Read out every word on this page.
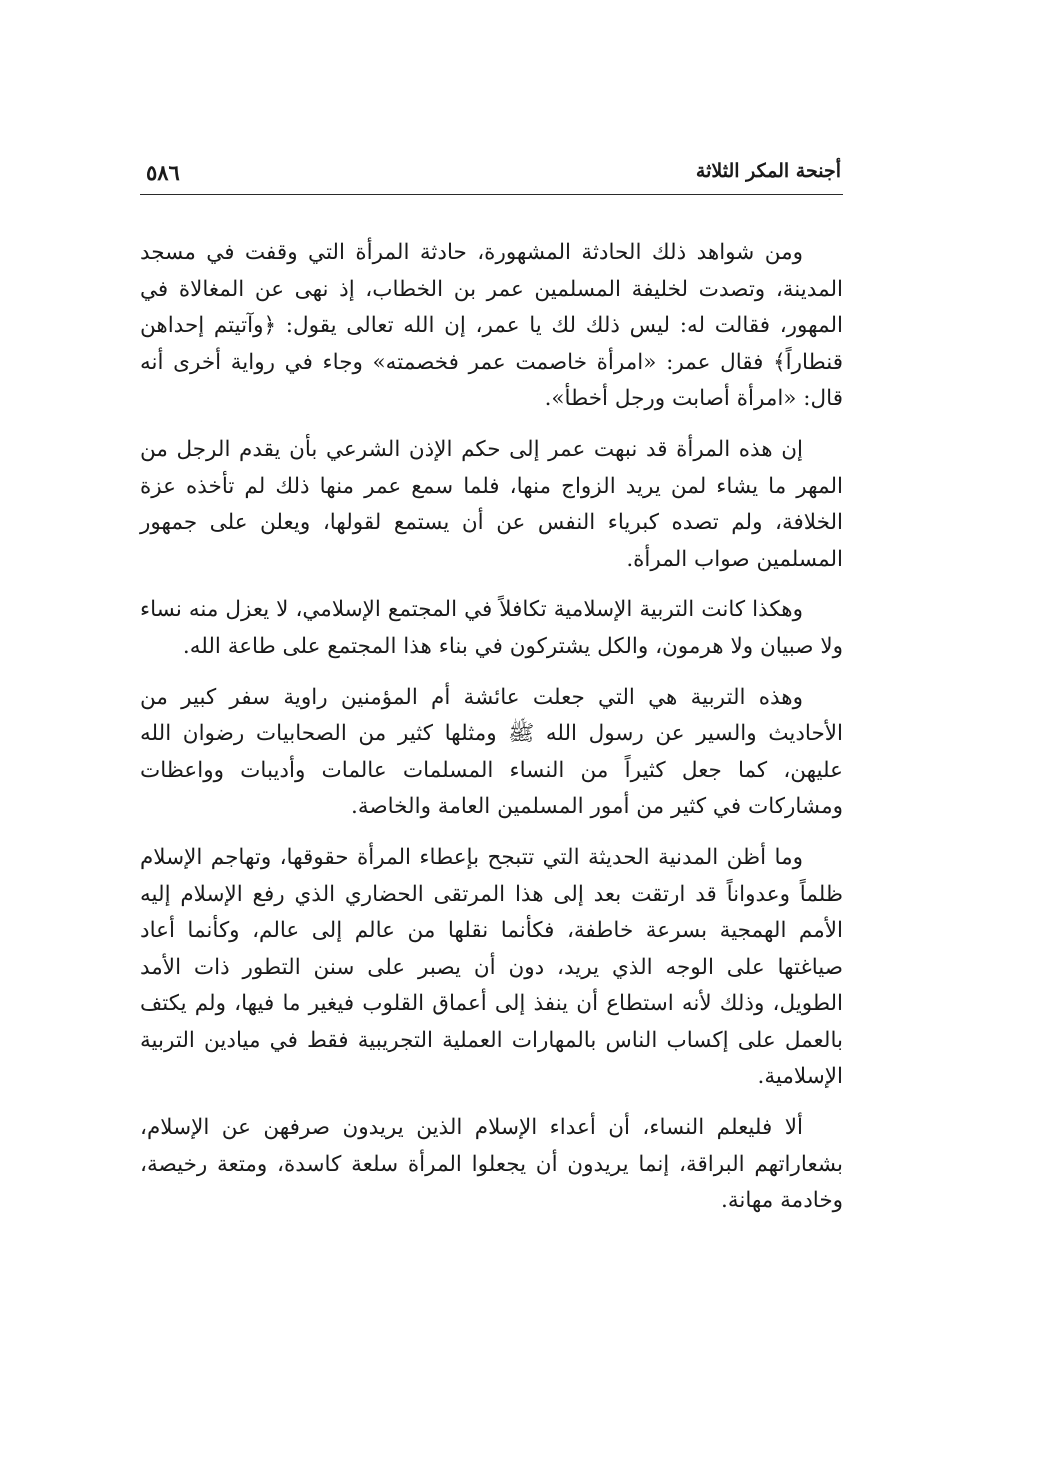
أجنحة المكر الثلاثة
٥٨٦

ومن شواهد ذلك الحادثة المشهورة، حادثة المرأة التي وقفت في مسجد المدينة، وتصدت لخليفة المسلمين عمر بن الخطاب، إذ نهى عن المغالاة في المهور، فقالت له: ليس ذلك لك يا عمر، إن الله تعالى يقول: ﴿وآتيتم إحداهن قنطاراً﴾ فقال عمر: «امرأة خاصمت عمر فخصمته» وجاء في رواية أخرى أنه قال: «امرأة أصابت ورجل أخطأ».

إن هذه المرأة قد نبهت عمر إلى حكم الإذن الشرعي بأن يقدم الرجل من المهر ما يشاء لمن يريد الزواج منها، فلما سمع عمر منها ذلك لم تأخذه عزة الخلافة، ولم تصده كبرياء النفس عن أن يستمع لقولها، ويعلن على جمهور المسلمين صواب المرأة.

وهكذا كانت التربية الإسلامية تكافلاً في المجتمع الإسلامي، لا يعزل منه نساء ولا صبيان ولا هرمون، والكل يشتركون في بناء هذا المجتمع على طاعة الله.

وهذه التربية هي التي جعلت عائشة أم المؤمنين راوية سفر كبير من الأحاديث والسير عن رسول الله ﷺ ومثلها كثير من الصحابيات رضوان الله عليهن، كما جعل كثيراً من النساء المسلمات عالمات وأديبات وواعظات ومشاركات في كثير من أمور المسلمين العامة والخاصة.

وما أظن المدنية الحديثة التي تتبجح بإعطاء المرأة حقوقها، وتهاجم الإسلام ظلماً وعدواناً قد ارتقت بعد إلى هذا المرتقى الحضاري الذي رفع الإسلام إليه الأمم الهمجية بسرعة خاطفة، فكأنما نقلها من عالم إلى عالم، وكأنما أعاد صياغتها على الوجه الذي يريد، دون أن يصبر على سنن التطور ذات الأمد الطويل، وذلك لأنه استطاع أن ينفذ إلى أعماق القلوب فيغير ما فيها، ولم يكتف بالعمل على إكساب الناس بالمهارات العملية التجريبية فقط في ميادين التربية الإسلامية.

ألا فليعلم النساء، أن أعداء الإسلام الذين يريدون صرفهن عن الإسلام، بشعاراتهم البراقة، إنما يريدون أن يجعلوا المرأة سلعة كاسدة، ومتعة رخيصة، وخادمة مهانة.
